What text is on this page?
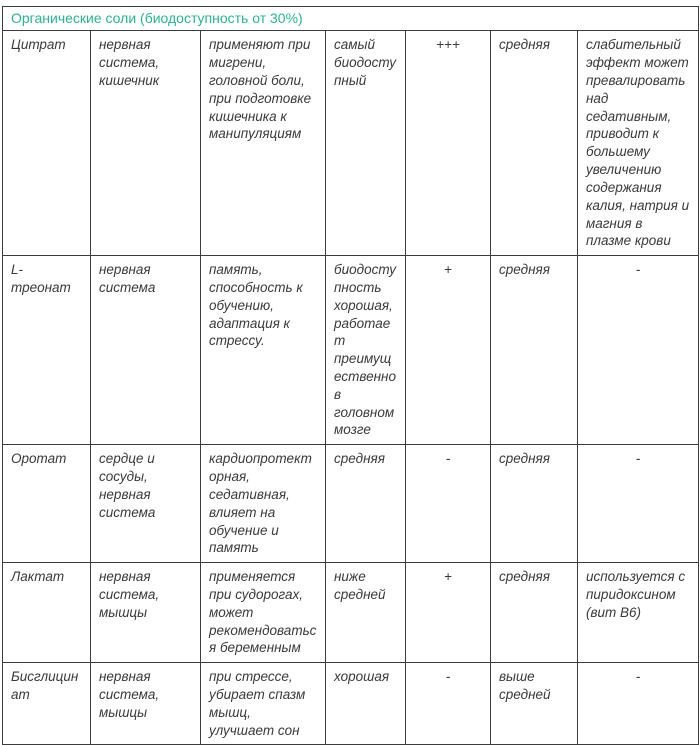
Органические соли (биодоступность от 30%)						
Цитрат	нервная система, кишечник	применяют при мигрени, головной боли, при подготовке кишечника к манипуляциям	самый биодоступный	+++	средняя	слабительный эффект может превалировать над седативным, приводит к большему увеличению содержания калия, натрия и магния в плазме крови
L-треонат	нервная система	память, способность к обучению, адаптация к стрессу.	биодоступность хорошая, работает преимущественно в головном мозге	+	средняя	-
Оротат	сердце и сосуды, нервная система	кардиопротекторная, седативная, влияет на обучение и память	средняя	-	средняя	-
Лактат	нервная система, мышцы	применяется при судорогах, может рекомендоваться беременным	ниже средней	+	средняя	используется с пиридоксином (вит В6)
Бисглицинат	нервная система, мышцы	при стрессе, убирает спазм мышц, улучшает сон	хорошая	-	выше средней	-
